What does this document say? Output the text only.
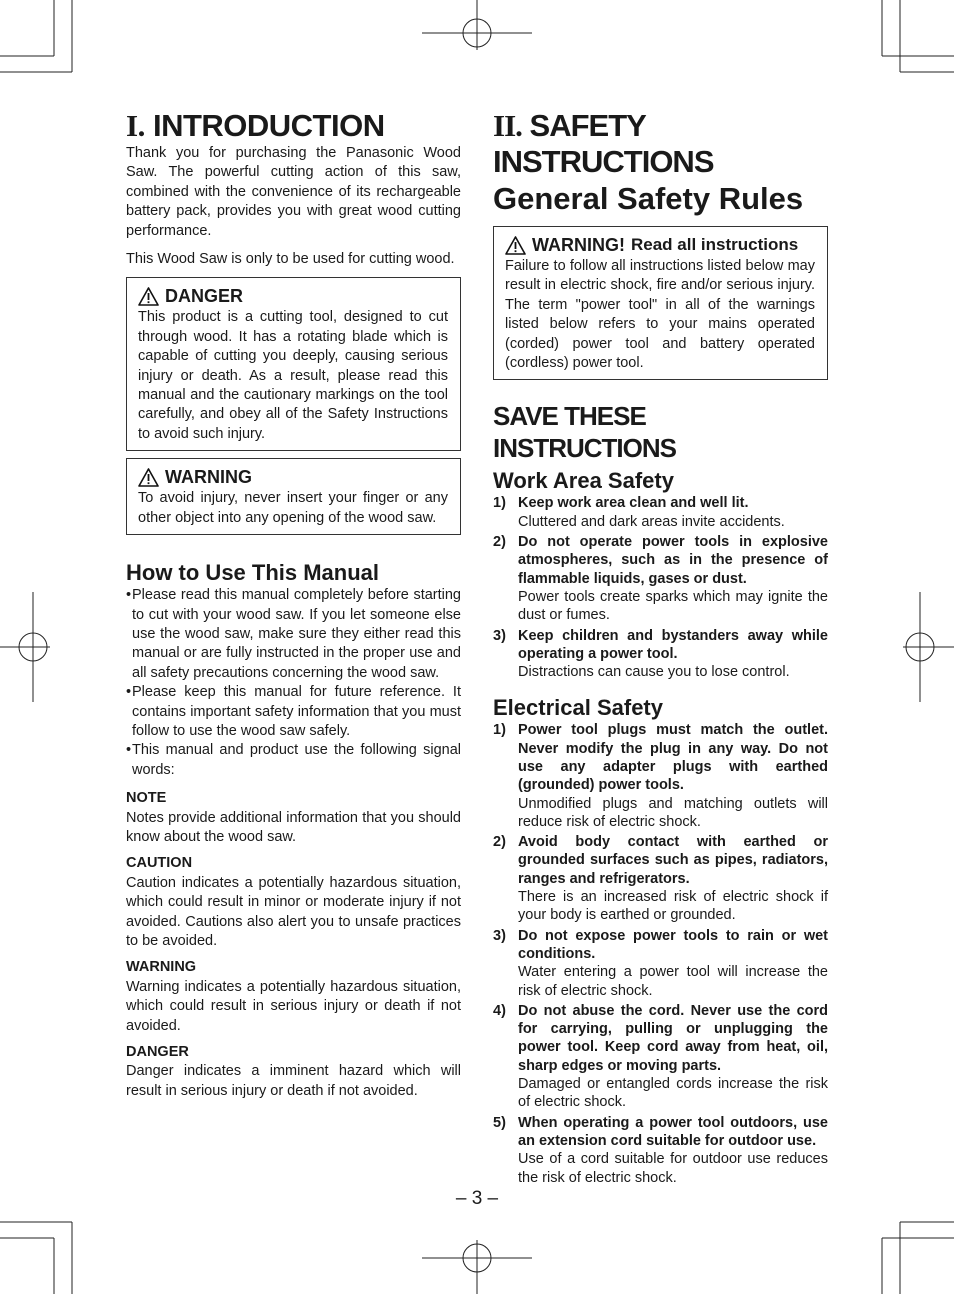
I. INTRODUCTION

Thank you for purchasing the Panasonic Wood Saw. The powerful cutting action of this saw, combined with the convenience of its rechargeable battery pack, provides you with great wood cutting performance.

This Wood Saw is only to be used for cutting wood.

DANGER

This product is a cutting tool, designed to cut through wood. It has a rotating blade which is capable of cutting you deeply, causing serious injury or death. As a result, please read this manual and the cautionary markings on the tool carefully, and obey all of the Safety Instructions to avoid such injury.

WARNING

To avoid injury, never insert your finger or any other object into any opening of the wood saw.

How to Use This Manual
• Please read this manual completely before starting to cut with your wood saw. If you let someone else use the wood saw, make sure they either read this manual or are fully instructed in the proper use and all safety precautions concerning the wood saw.
• Please keep this manual for future reference. It contains important safety information that you must follow to use the wood saw safely.
• This manual and product use the following signal words:
NOTE

Notes provide additional information that you should know about the wood saw.

CAUTION

Caution indicates a potentially hazardous situation, which could result in minor or moderate injury if not avoided. Cautions also alert you to unsafe practices to be avoided.

WARNING

Warning indicates a potentially hazardous situation, which could result in serious injury or death if not avoided.

DANGER

Danger indicates a imminent hazard which will result in serious injury or death if not avoided.

II. SAFETY INSTRUCTIONS
General Safety Rules
WARNING! Read all instructions

Failure to follow all instructions listed below may result in electric shock, fire and/or serious injury. The term "power tool" in all of the warnings listed below refers to your mains operated (corded) power tool and battery operated (cordless) power tool.

SAVE THESE INSTRUCTIONS
Work Area Safety
1) Keep work area clean and well lit.
Cluttered and dark areas invite accidents.
2) Do not operate power tools in explosive atmospheres, such as in the presence of flammable liquids, gases or dust.
Power tools create sparks which may ignite the dust or fumes.
3) Keep children and bystanders away while operating a power tool.
Distractions can cause you to lose control.
Electrical Safety
1) Power tool plugs must match the outlet. Never modify the plug in any way. Do not use any adapter plugs with earthed (grounded) power tools.
Unmodified plugs and matching outlets will reduce risk of electric shock.
2) Avoid body contact with earthed or grounded surfaces such as pipes, radiators, ranges and refrigerators.
There is an increased risk of electric shock if your body is earthed or grounded.
3) Do not expose power tools to rain or wet conditions.
Water entering a power tool will increase the risk of electric shock.
4) Do not abuse the cord. Never use the cord for carrying, pulling or unplugging the power tool. Keep cord away from heat, oil, sharp edges or moving parts.
Damaged or entangled cords increase the risk of electric shock.
5) When operating a power tool outdoors, use an extension cord suitable for outdoor use.
Use of a cord suitable for outdoor use reduces the risk of electric shock.
– 3 –
